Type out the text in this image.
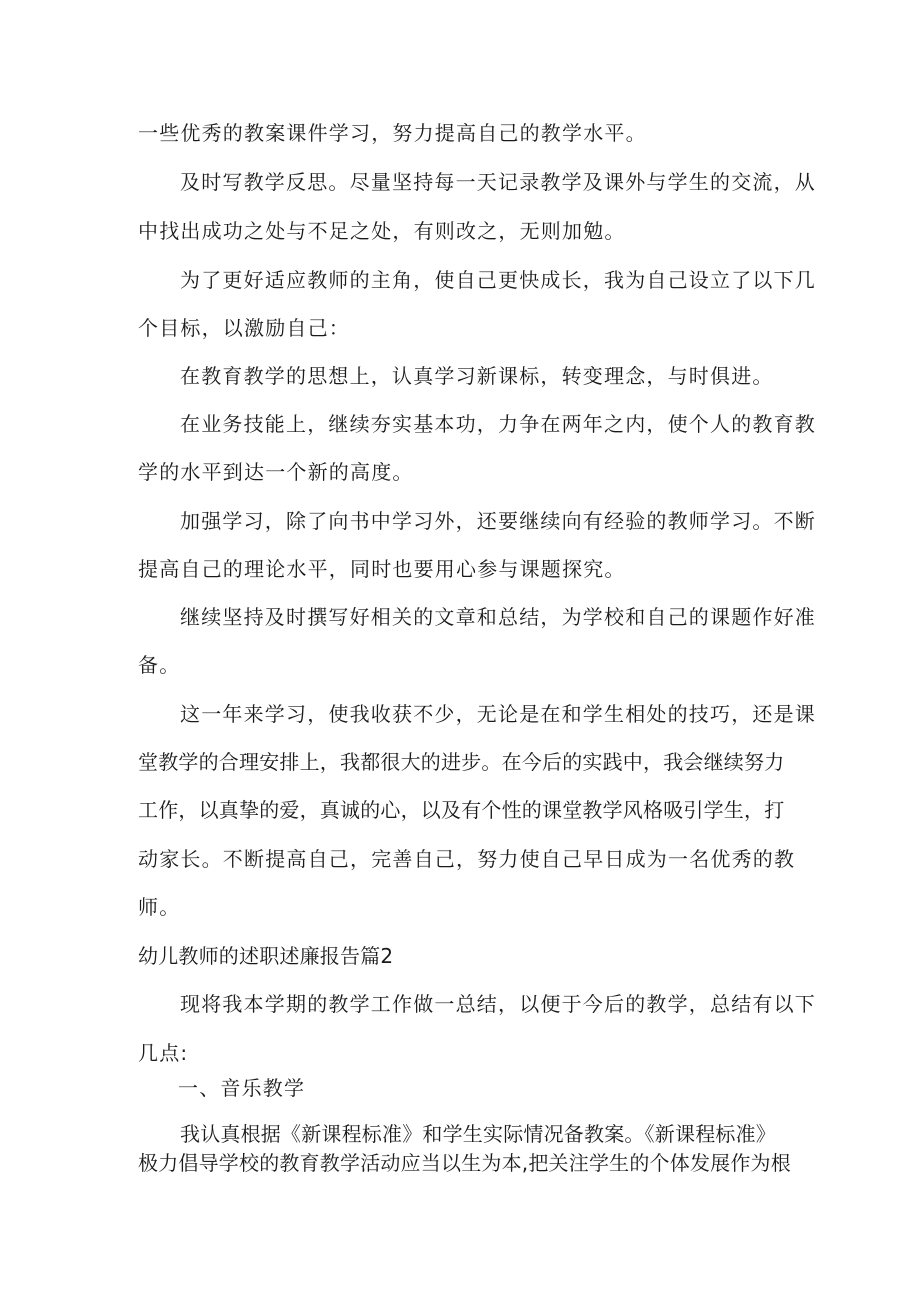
一些优秀的教案课件学习，努力提高自己的教学水平。

及时写教学反思。尽量坚持每一天记录教学及课外与学生的交流，从

中找出成功之处与不足之处，有则改之，无则加勉。

为了更好适应教师的主角，使自己更快成长，我为自己设立了以下几

个目标，以激励自己：

在教育教学的思想上，认真学习新课标，转变理念，与时俱进。

在业务技能上，继续夯实基本功，力争在两年之内，使个人的教育教

学的水平到达一个新的高度。

加强学习，除了向书中学习外，还要继续向有经验的教师学习。不断

提高自己的理论水平，同时也要用心参与课题探究。

继续坚持及时撰写好相关的文章和总结，为学校和自己的课题作好准

备。

这一年来学习，使我收获不少，无论是在和学生相处的技巧，还是课

堂教学的合理安排上，我都很大的进步。在今后的实践中，我会继续努力

工作，以真挚的爱，真诚的心，以及有个性的课堂教学风格吸引学生，打

动家长。不断提高自己，完善自己，努力使自己早日成为一名优秀的教

师。

幼儿教师的述职述廉报告篇2

现将我本学期的教学工作做一总结，以便于今后的教学，总结有以下

几点:

一、音乐教学

我认真根据《新课程标准》和学生实际情况备教案。《新课程标准》

极力倡导学校的教育教学活动应当以生为本,把关注学生的个体发展作为根
